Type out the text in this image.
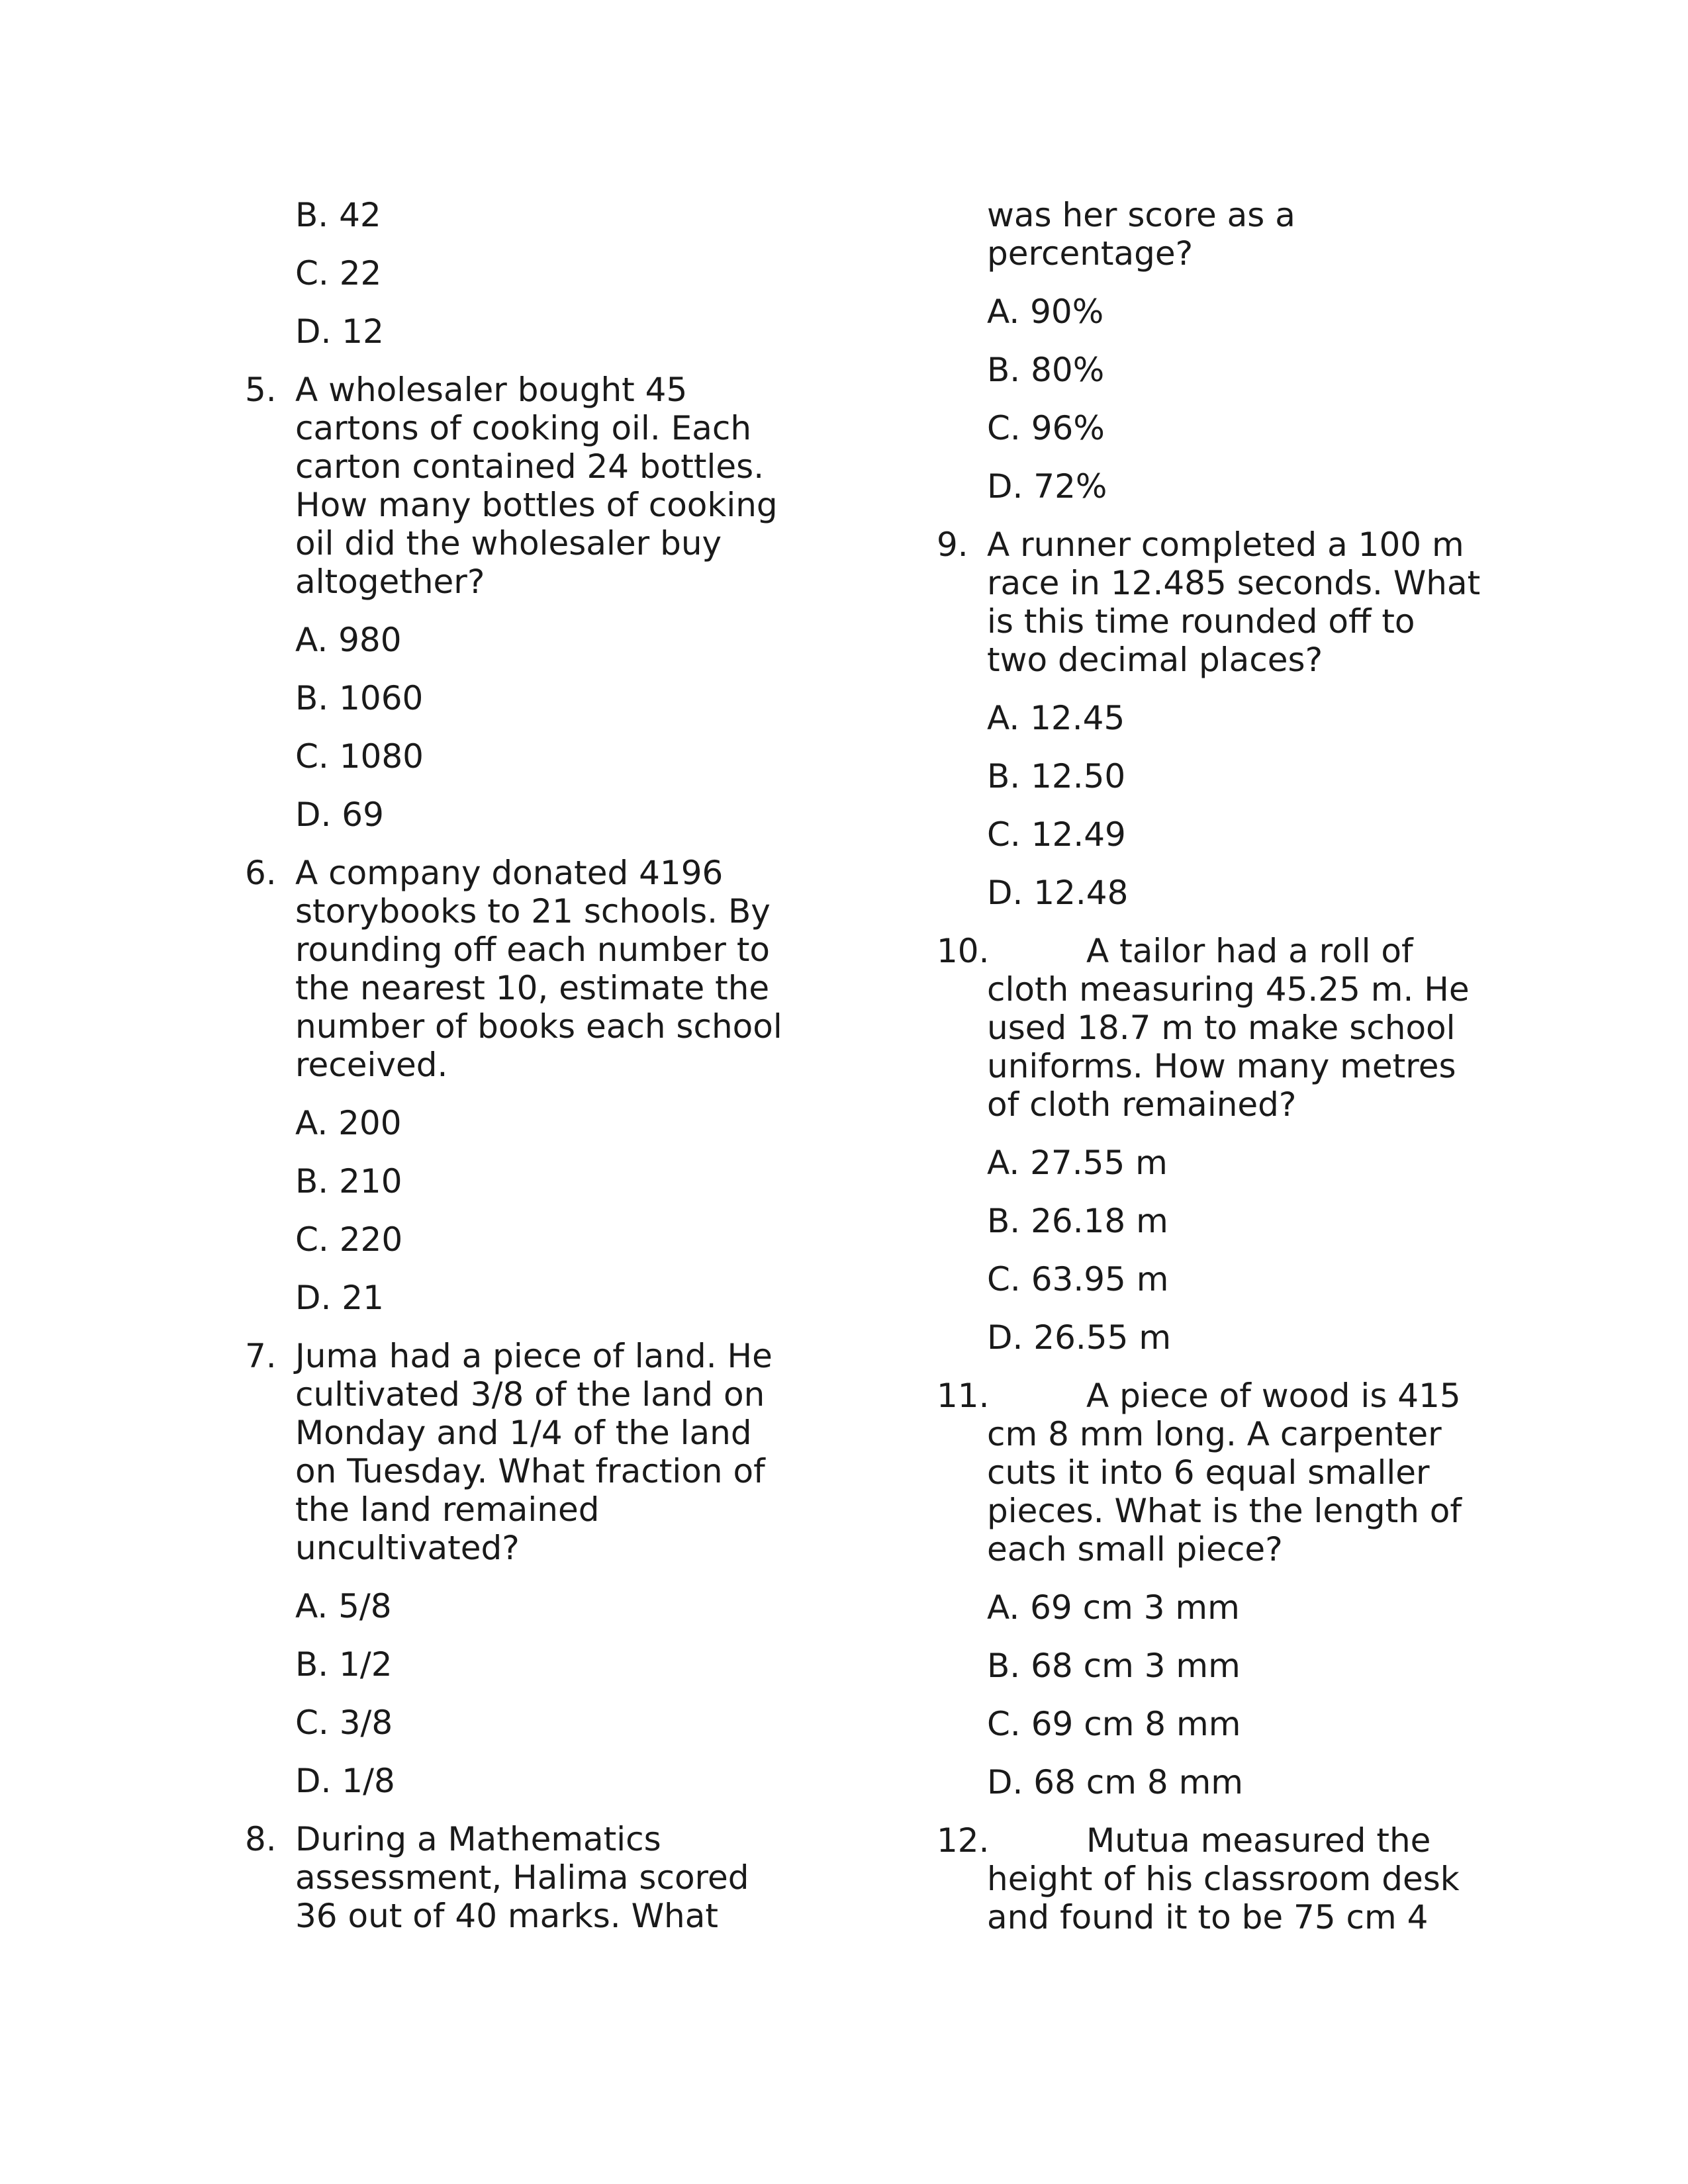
B. 42
C. 22
D. 12
5. A wholesaler bought 45
cartons of cooking oil. Each
carton contained 24 bottles.
How many bottles of cooking
oil did the wholesaler buy
altogether?
A. 980
B. 1060
C. 1080
D. 69
6. A company donated 4196
storybooks to 21 schools. By
rounding off each number to
the nearest 10, estimate the
number of books each school
received.
A. 200
B. 210
C. 220
D. 21
7. Juma had a piece of land. He
cultivated 3/8 of the land on
Monday and 1/4 of the land
on Tuesday. What fraction of
the land remained
uncultivated?
A. 5/8
B. 1/2
C. 3/8
D. 1/8
8. During a Mathematics
assessment, Halima scored
36 out of 40 marks. What
was her score as a
percentage?
A. 90%
B. 80%
C. 96%
D. 72%
9. A runner completed a 100 m
race in 12.485 seconds. What
is this time rounded off to
two decimal places?
A. 12.45
B. 12.50
C. 12.49
D. 12.48
10.	A tailor had a roll of
cloth measuring 45.25 m. He
used 18.7 m to make school
uniforms. How many metres
of cloth remained?
A. 27.55 m
B. 26.18 m
C. 63.95 m
D. 26.55 m
11.	A piece of wood is 415
cm 8 mm long. A carpenter
cuts it into 6 equal smaller
pieces. What is the length of
each small piece?
A. 69 cm 3 mm
B. 68 cm 3 mm
C. 69 cm 8 mm
D. 68 cm 8 mm
12.	Mutua measured the
height of his classroom desk
and found it to be 75 cm 4
